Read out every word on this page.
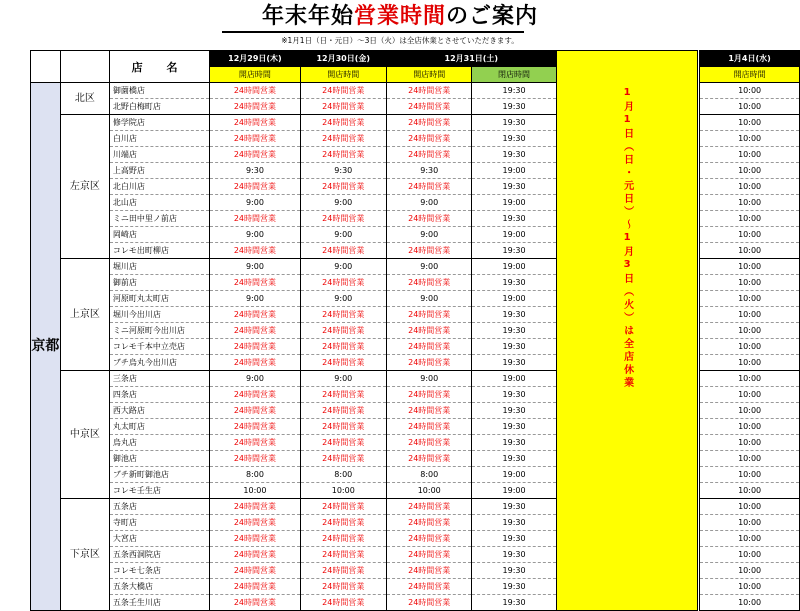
年末年始営業時間のご案内
※1月1日（日・元日）〜3日（火）は全店休業とさせていただきます。
		店 名	12月29日(木)	12月30日(金)	12月31日(土)		1月1日（日・元日）〜1月3日（火）は全店休業		1月4日(水)
			開店時間	開店時間	開店時間	閉店時間			開店時間
京都	北区	御薗橋店	24時間営業	24時間営業	24時間営業	19:30			10:00
		北野白梅町店	24時間営業	24時間営業	24時間営業	19:30			10:00
	左京区	修学院店	24時間営業	24時間営業	24時間営業	19:30			10:00
		白川店	24時間営業	24時間営業	24時間営業	19:30			10:00
		川端店	24時間営業	24時間営業	24時間営業	19:30			10:00
		上高野店	9:30	9:30	9:30	19:00			10:00
		北白川店	24時間営業	24時間営業	24時間営業	19:30			10:00
		北山店	9:00	9:00	9:00	19:00			10:00
		ミニ田中里ノ前店	24時間営業	24時間営業	24時間営業	19:30			10:00
		岡崎店	9:00	9:00	9:00	19:00			10:00
		コレモ出町柳店	24時間営業	24時間営業	24時間営業	19:30			10:00
	上京区	堀川店	9:00	9:00	9:00	19:00			10:00
		御前店	24時間営業	24時間営業	24時間営業	19:30			10:00
		河原町丸太町店	9:00	9:00	9:00	19:00			10:00
		堀川今出川店	24時間営業	24時間営業	24時間営業	19:30			10:00
		ミニ河原町今出川店	24時間営業	24時間営業	24時間営業	19:30			10:00
		コレモ千本中立売店	24時間営業	24時間営業	24時間営業	19:30			10:00
		ブチ烏丸今出川店	24時間営業	24時間営業	24時間営業	19:30			10:00
	中京区	三条店	9:00	9:00	9:00	19:00			10:00
		四条店	24時間営業	24時間営業	24時間営業	19:30			10:00
		西大路店	24時間営業	24時間営業	24時間営業	19:30			10:00
		丸太町店	24時間営業	24時間営業	24時間営業	19:30			10:00
		烏丸店	24時間営業	24時間営業	24時間営業	19:30			10:00
		御池店	24時間営業	24時間営業	24時間営業	19:30			10:00
		ブチ新町御池店	8:00	8:00	8:00	19:00			10:00
		コレモ壬生店	10:00	10:00	10:00	19:00			10:00
	下京区	五条店	24時間営業	24時間営業	24時間営業	19:30			10:00
		寺町店	24時間営業	24時間営業	24時間営業	19:30			10:00
		大宮店	24時間営業	24時間営業	24時間営業	19:30			10:00
		五条西洞院店	24時間営業	24時間営業	24時間営業	19:30			10:00
		コレモ七条店	24時間営業	24時間営業	24時間営業	19:30			10:00
		五条大橋店	24時間営業	24時間営業	24時間営業	19:30			10:00
		五条壬生川店	24時間営業	24時間営業	24時間営業	19:30			10:00
